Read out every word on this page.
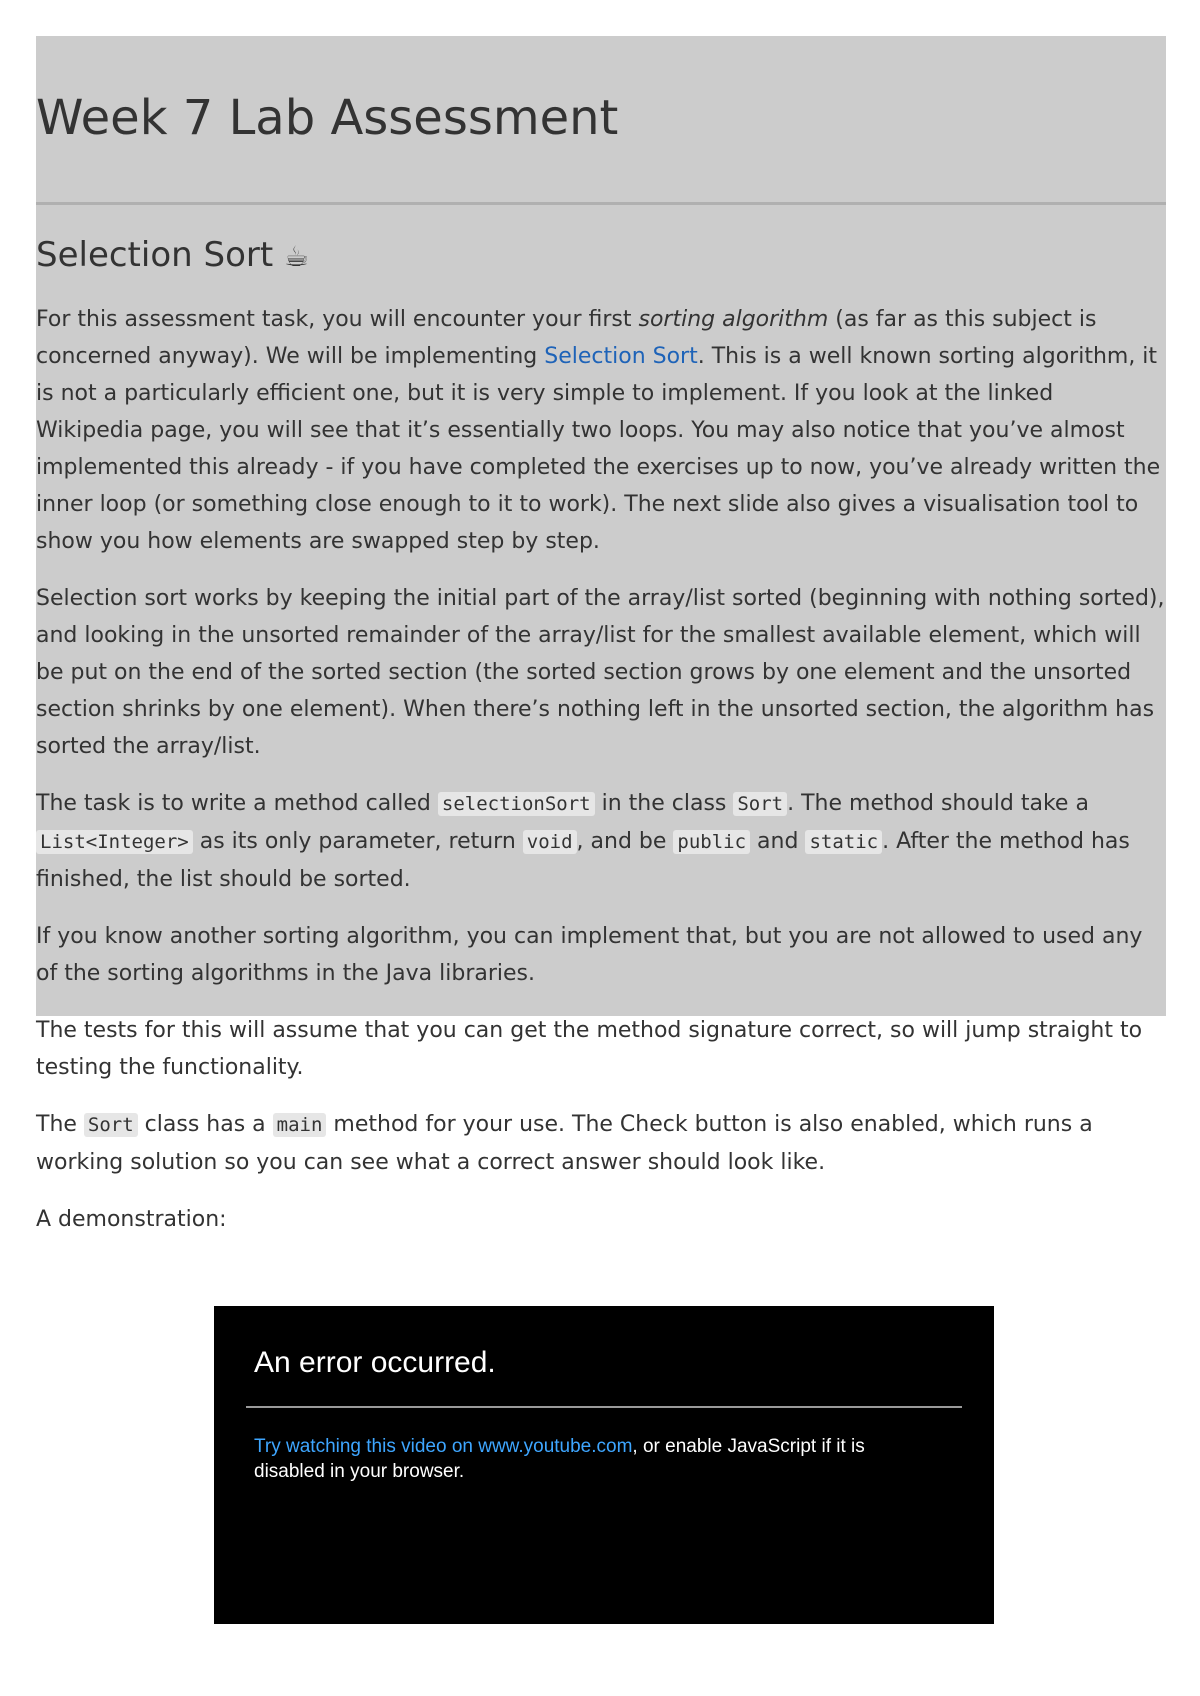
Week 7 Lab Assessment
Selection Sort ☕

For this assessment task, you will encounter your first sorting algorithm (as far as this subject is concerned anyway). We will be implementing Selection Sort. This is a well known sorting algorithm, it is not a particularly efficient one, but it is very simple to implement. If you look at the linked Wikipedia page, you will see that it’s essentially two loops. You may also notice that you’ve almost implemented this already - if you have completed the exercises up to now, you’ve already written the inner loop (or something close enough to it to work). The next slide also gives a visualisation tool to show you how elements are swapped step by step.

Selection sort works by keeping the initial part of the array/list sorted (beginning with nothing sorted), and looking in the unsorted remainder of the array/list for the smallest available element, which will be put on the end of the sorted section (the sorted section grows by one element and the unsorted section shrinks by one element). When there’s nothing left in the unsorted section, the algorithm has sorted the array/list.

The task is to write a method called selectionSort in the class Sort . The method should take a List<Integer> as its only parameter, return void , and be public and static . After the method has finished, the list should be sorted.

If you know another sorting algorithm, you can implement that, but you are not allowed to used any of the sorting algorithms in the Java libraries.

The tests for this will assume that you can get the method signature correct, so will jump straight to testing the functionality.

The Sort class has a main method for your use. The Check button is also enabled, which runs a working solution so you can see what a correct answer should look like.

A demonstration:

An error occurred.
Try watching this video on www.youtube.com, or enable JavaScript if it is disabled in your browser.
